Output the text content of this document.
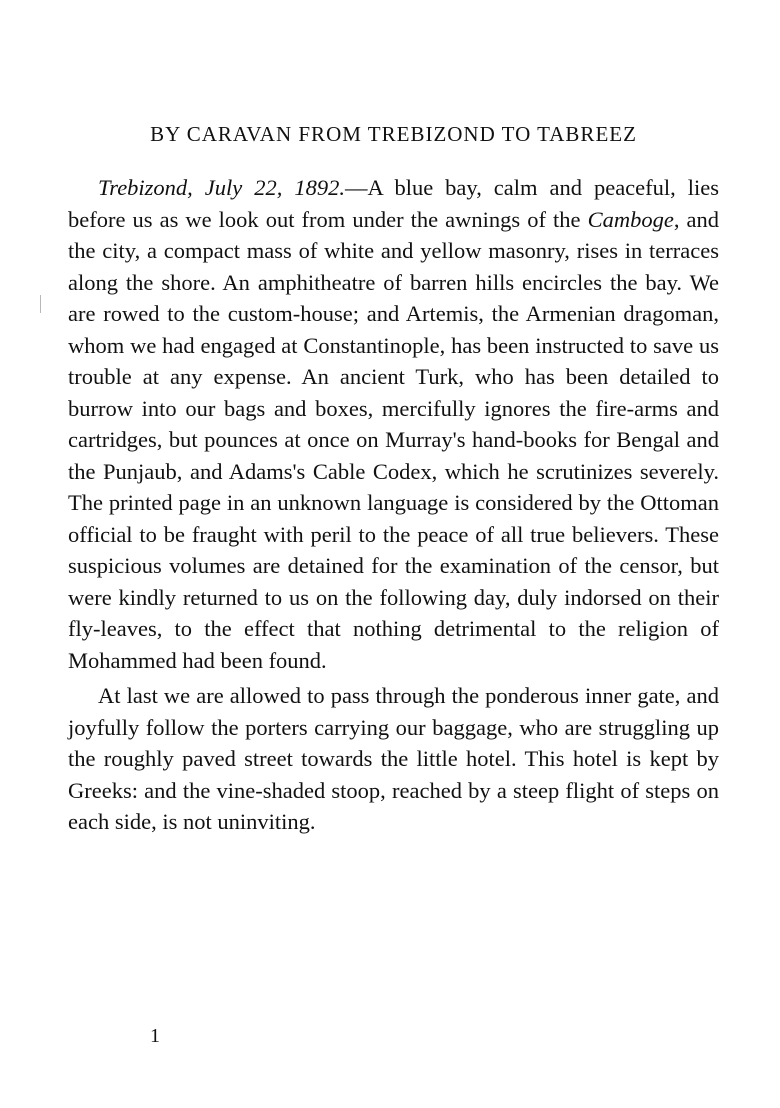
BY CARAVAN FROM TREBIZOND TO TABREEZ

Trebizond, July 22, 1892.—A blue bay, calm and peaceful, lies before us as we look out from under the awnings of the Camboge, and the city, a compact mass of white and yellow masonry, rises in terraces along the shore. An amphitheatre of barren hills encircles the bay. We are rowed to the custom-house; and Artemis, the Armenian dragoman, whom we had engaged at Constantinople, has been instructed to save us trouble at any expense. An ancient Turk, who has been detailed to burrow into our bags and boxes, mercifully ignores the fire-arms and cartridges, but pounces at once on Murray's hand-books for Bengal and the Punjaub, and Adams's Cable Codex, which he scrutinizes severely. The printed page in an unknown language is considered by the Ottoman official to be fraught with peril to the peace of all true believers. These suspicious volumes are detained for the examination of the censor, but were kindly returned to us on the following day, duly indorsed on their fly-leaves, to the effect that nothing detrimental to the religion of Mohammed had been found.

At last we are allowed to pass through the ponderous inner gate, and joyfully follow the porters carrying our baggage, who are struggling up the roughly paved street towards the little hotel. This hotel is kept by Greeks: and the vine-shaded stoop, reached by a steep flight of steps on each side, is not uninviting.

1
